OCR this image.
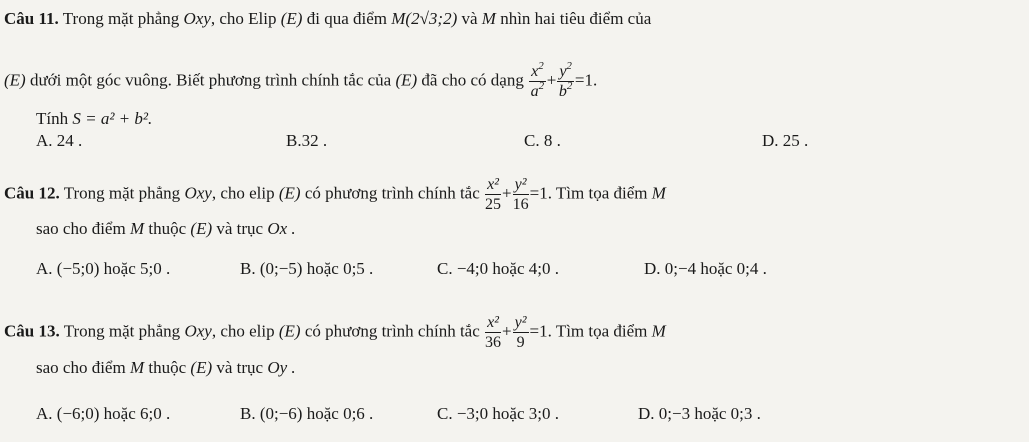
Câu 11. Trong mặt phẳng Oxy, cho Elip (E) đi qua điểm M(2√3;2) và M nhìn hai tiêu điểm của
(E) dưới một góc vuông. Biết phương trình chính tắc của (E) đã cho có dạng $\frac{x^2}{a^2} + \frac{y^2}{b^2} =1$.
Tính S = a² + b².
A. 24 .	B.32 .	C. 8 .	D. 25 .
Câu 12. Trong mặt phẳng Oxy, cho elip (E) có phương trình chính tắc $\frac{\text{x²}}{25} + \frac{\text{y²}}{16} =1$. Tìm tọa điểm M
sao cho điểm M thuộc (E) và trục Ox .
A. (−5;0) hoặc 5;0 .	B. (0;−5) hoặc 0;5 .	C. −4;0 hoặc 4;0 .	D. 0;−4 hoặc 0;4 .
Câu 13. Trong mặt phẳng Oxy, cho elip (E) có phương trình chính tắc $\frac{\text{x²}}{36} + \frac{\text{y²}}{9} =1$. Tìm tọa điểm M
sao cho điểm M thuộc (E) và trục Oy .
A. (−6;0) hoặc 6;0 .	B. (0;−6) hoặc 0;6 .	C. −3;0 hoặc 3;0 .	D. 0;−3 hoặc 0;3 .
